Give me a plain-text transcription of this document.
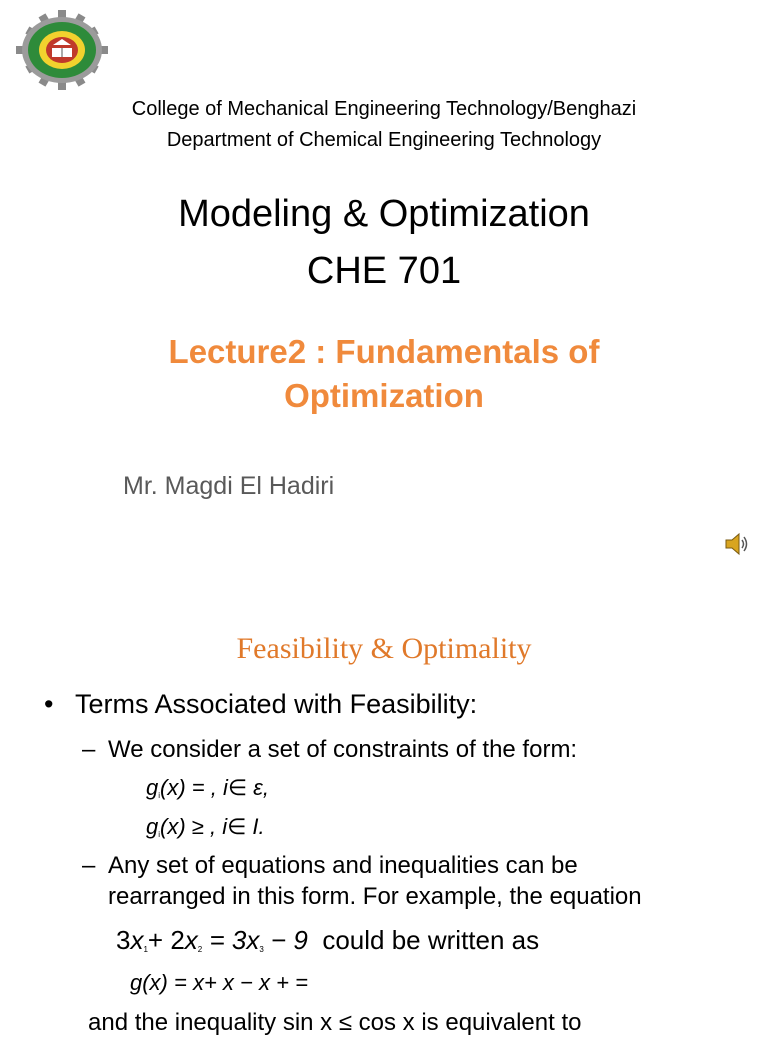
College of Mechanical Engineering Technology/Benghazi
Department of Chemical Engineering Technology
Modeling & Optimization
CHE 701
Lecture2 : Fundamentals of
Optimization
Mr. Magdi El Hadiri
Feasibility & Optimality
• Terms Associated with Feasibility:
– We consider a set of constraints of the form:
$g_i(x)$ = , i∈ ε,
$g_i(x)$ ≥ , i∈ I.
– Any set of equations and inequalities can be
rearranged in this form. For example, the equation
$3x_1+ 2x_2 = 3x_3 - 9$ could be written as
g(x) = x+ x − x + =
and the inequality sin x ≤ cos x is equivalent to
